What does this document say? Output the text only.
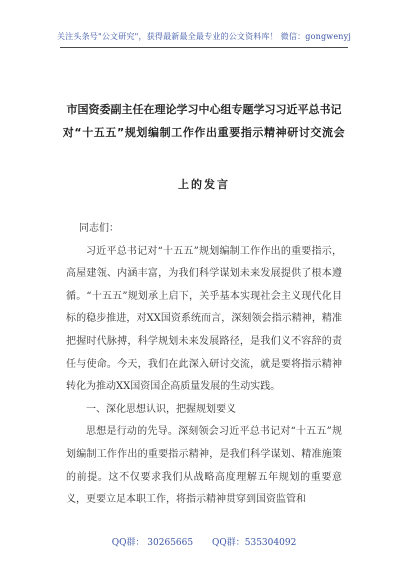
关注头条号"公文研究"，获得最新最全最专业的公文资料库！ 微信：gongwenyj
市国资委副主任在理论学习中心组专题学习习近平总书记
对“十五五”规划编制工作作出重要指示精神研讨交流会
上的发言

同志们：

习近平总书记对“十五五”规划编制工作作出的重要指示，高屋建瓴、内涵丰富，为我们科学谋划未来发展提供了根本遵循。“十五五”规划承上启下，关乎基本实现社会主义现代化目标的稳步推进，对XX国资系统而言，深刻领会指示精神，精准把握时代脉搏，科学规划未来发展路径，是我们义不容辞的责任与使命。今天，我们在此深入研讨交流，就是要将指示精神转化为推动XX国资国企高质量发展的生动实践。

一、深化思想认识，把握规划要义

思想是行动的先导。深刻领会习近平总书记对“十五五”规划编制工作作出的重要指示精神，是我们科学谋划、精准施策的前提。这不仅要求我们从战略高度理解五年规划的重要意义，更要立足本职工作，将指示精神贯穿到国资监管和

QQ群： 30265665 QQ群：535304092
